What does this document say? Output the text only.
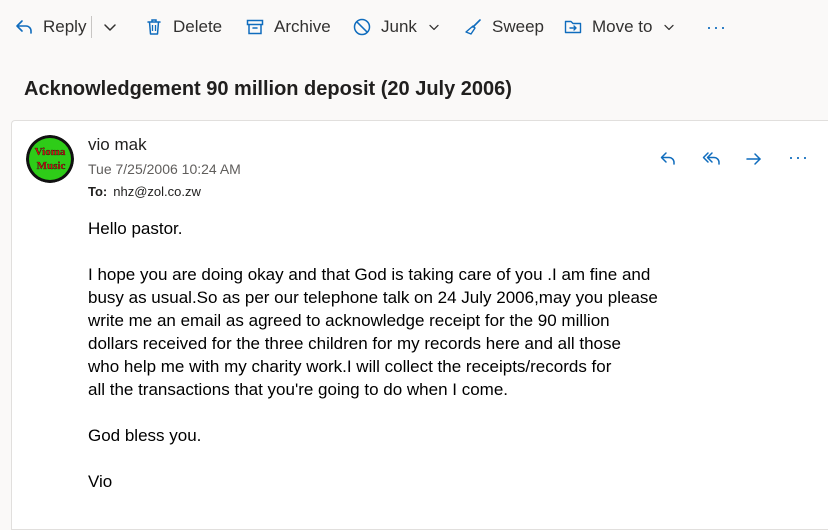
Reply	Delete	Archive	Junk	Sweep	Move to	···
Acknowledgement 90 million deposit (20 July 2006)
Vioma
Music
vio mak
Tue 7/25/2006 10:24 AM
To: nhz@zol.co.zw
···

Hello pastor.

I hope you are doing okay and that God is taking care of you .I am fine and

busy as usual.So as per our telephone talk on 24 July 2006,may you please

write me an email as agreed to acknowledge receipt for the 90 million

dollars received for the three children for my records here and all those

who help me with my charity work.I will collect the receipts/records for

all the transactions that you're going to do when I come.

God bless you.

Vio
